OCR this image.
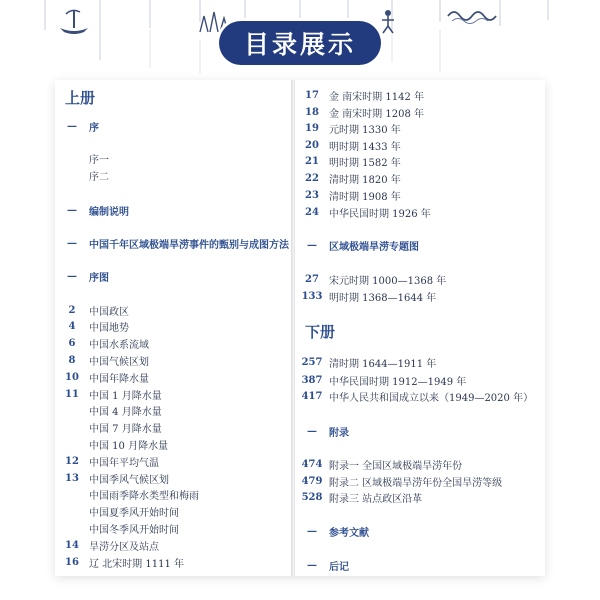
目录展示
上册
—	序
序一
序二
—	编制说明
—	中国千年区域极端旱涝事件的甄别与成图方法
—	序图
2	中国政区
4	中国地势
6	中国水系流域
8	中国气候区划
10	中国年降水量
11	中国 1 月降水量
中国 4 月降水量
中国 7 月降水量
中国 10 月降水量
12	中国年平均气温
13	中国季风气候区划
中国雨季降水类型和梅雨
中国夏季风开始时间
中国冬季风开始时间
14	旱涝分区及站点
16	辽 北宋时期 1111 年
17	金 南宋时期 1142 年
18	金 南宋时期 1208 年
19	元时期 1330 年
20	明时期 1433 年
21	明时期 1582 年
22	清时期 1820 年
23	清时期 1908 年
24	中华民国时期 1926 年
—	区域极端旱涝专题图
27	宋元时期 1000—1368 年
133 明时期 1368—1644 年
下册
257 清时期 1644—1911 年
387 中华民国时期 1912—1949 年
417 中华人民共和国成立以来（1949—2020 年）
—	附录
474 附录一 全国区域极端旱涝年份
479 附录二 区域极端旱涝年份全国旱涝等级
528 附录三 站点政区沿革
—	参考文献
—	后记
